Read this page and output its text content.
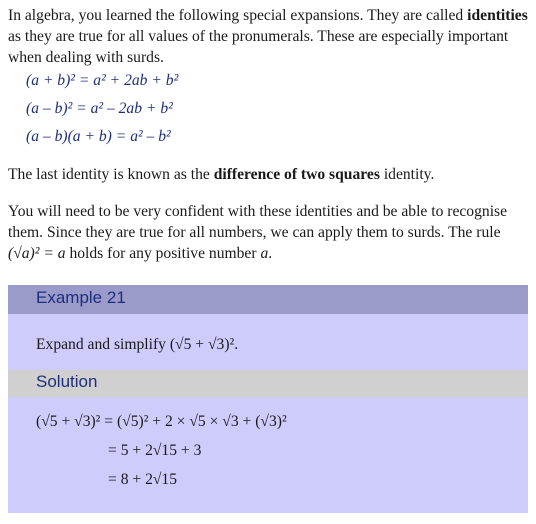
In algebra, you learned the following special expansions. They are called identities as they are true for all values of the pronumerals. These are especially important when dealing with surds.
(a + b)² = a² + 2ab + b²
(a – b)² = a² – 2ab + b²
(a – b)(a + b) = a² – b²
The last identity is known as the difference of two squares identity.
You will need to be very confident with these identities and be able to recognise them. Since they are true for all numbers, we can apply them to surds. The rule (√a)² = a holds for any positive number a.
Example 21
Expand and simplify (√5 + √3)².
Solution
(√5 + √3)² = (√5)² + 2 × √5 × √3 + (√3)²
= 5 + 2√15 + 3
= 8 + 2√15
